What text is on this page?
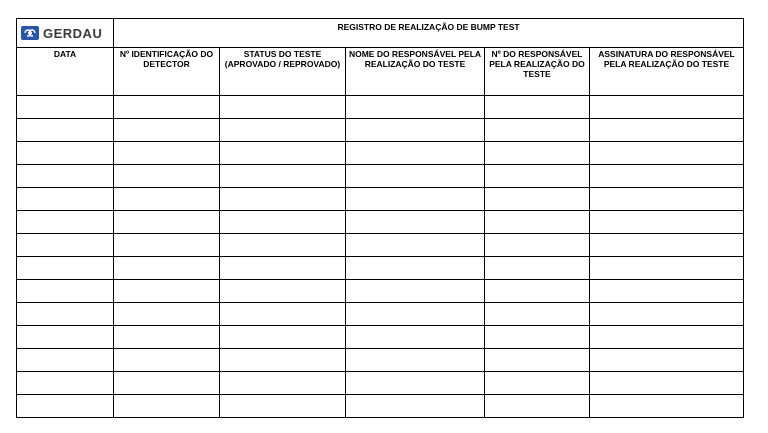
GERDAU	REGISTRO DE REALIZAÇÃO DE BUMP TEST				
DATA	Nº IDENTIFICAÇÃO DO DETECTOR	STATUS DO TESTE (APROVADO / REPROVADO)	NOME DO RESPONSÁVEL PELA REALIZAÇÃO DO TESTE	Nº DO RESPONSÁVEL PELA REALIZAÇÃO DO TESTE	ASSINATURA DO RESPONSÁVEL PELA REALIZAÇÃO DO TESTE
